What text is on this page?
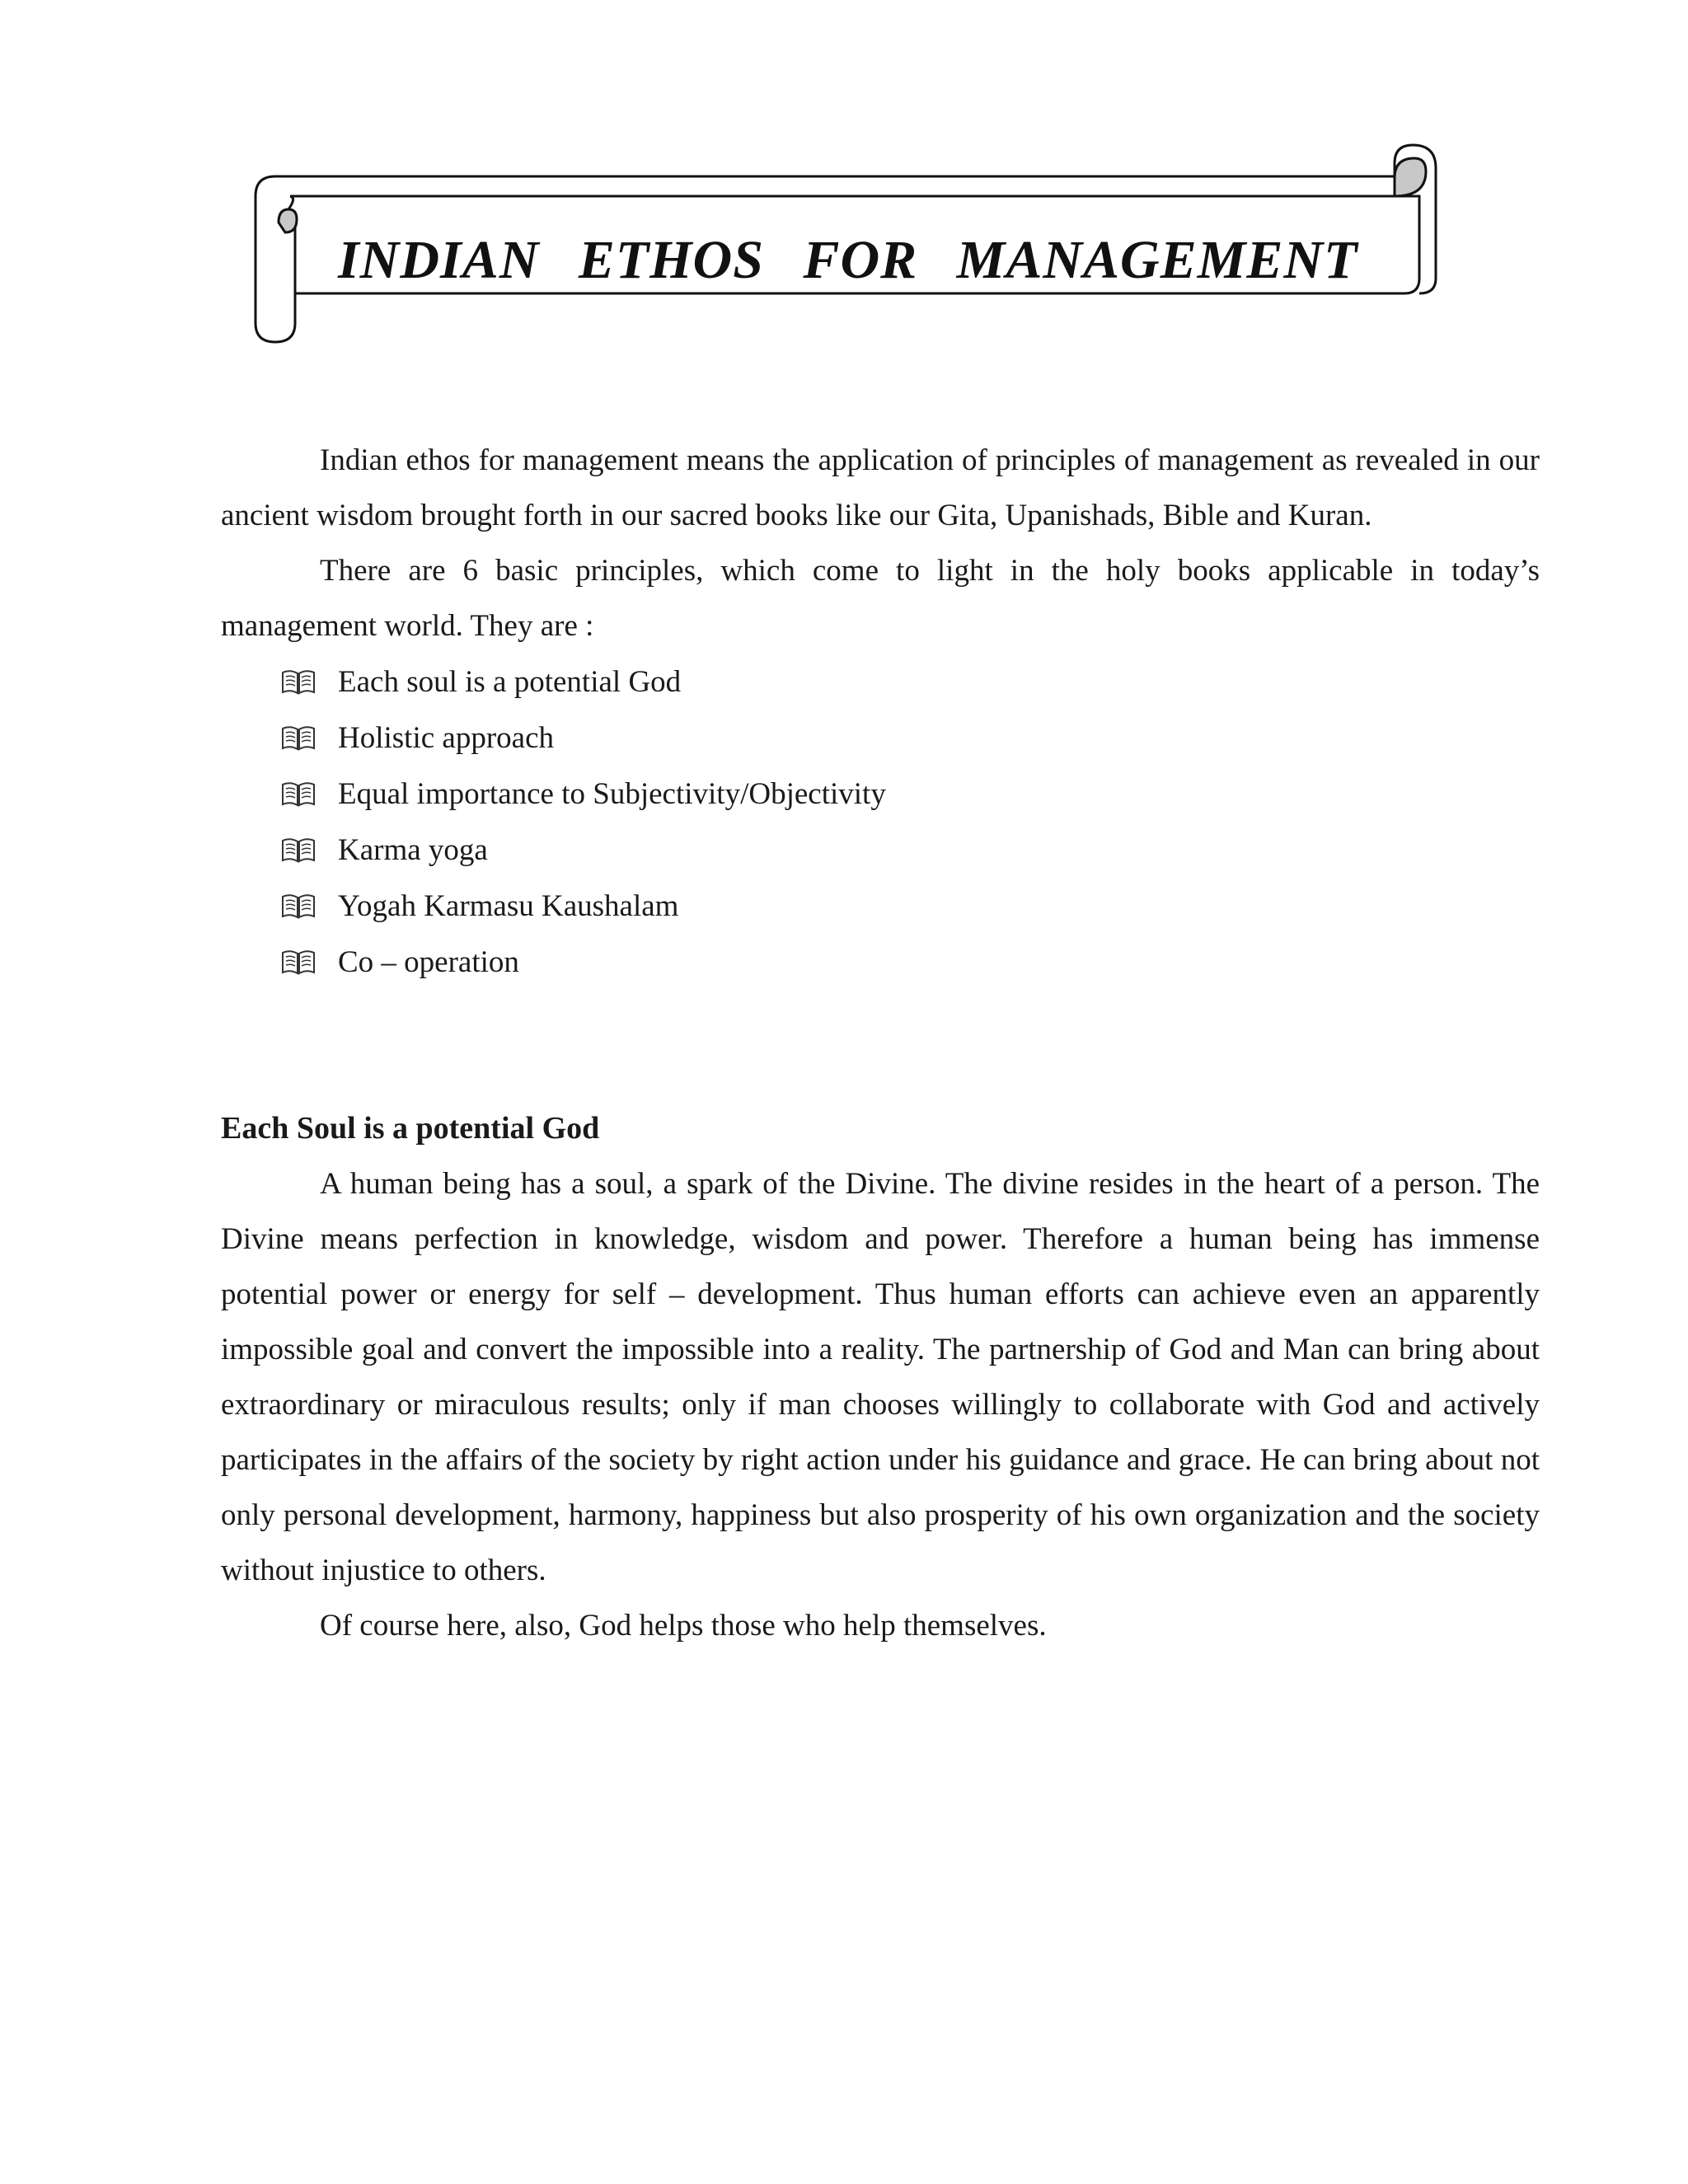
INDIAN ETHOS FOR MANAGEMENT

Indian ethos for management means the application of principles of management as revealed in our ancient wisdom brought forth in our sacred books like our Gita, Upanishads, Bible and Kuran.

There are 6 basic principles, which come to light in the holy books applicable in today’s management world. They are :

Each soul is a potential God
Holistic approach
Equal importance to Subjectivity/Objectivity
Karma yoga
Yogah Karmasu Kaushalam
Co – operation
Each Soul is a potential God

A human being has a soul, a spark of the Divine. The divine resides in the heart of a person. The Divine means perfection in knowledge, wisdom and power. Therefore a human being has immense potential power or energy for self – development. Thus human efforts can achieve even an apparently impossible goal and convert the impossible into a reality. The partnership of God and Man can bring about extraordinary or miraculous results; only if man chooses willingly to collaborate with God and actively participates in the affairs of the society by right action under his guidance and grace. He can bring about not only personal development, harmony, happiness but also prosperity of his own organization and the society without injustice to others.

Of course here, also, God helps those who help themselves.
